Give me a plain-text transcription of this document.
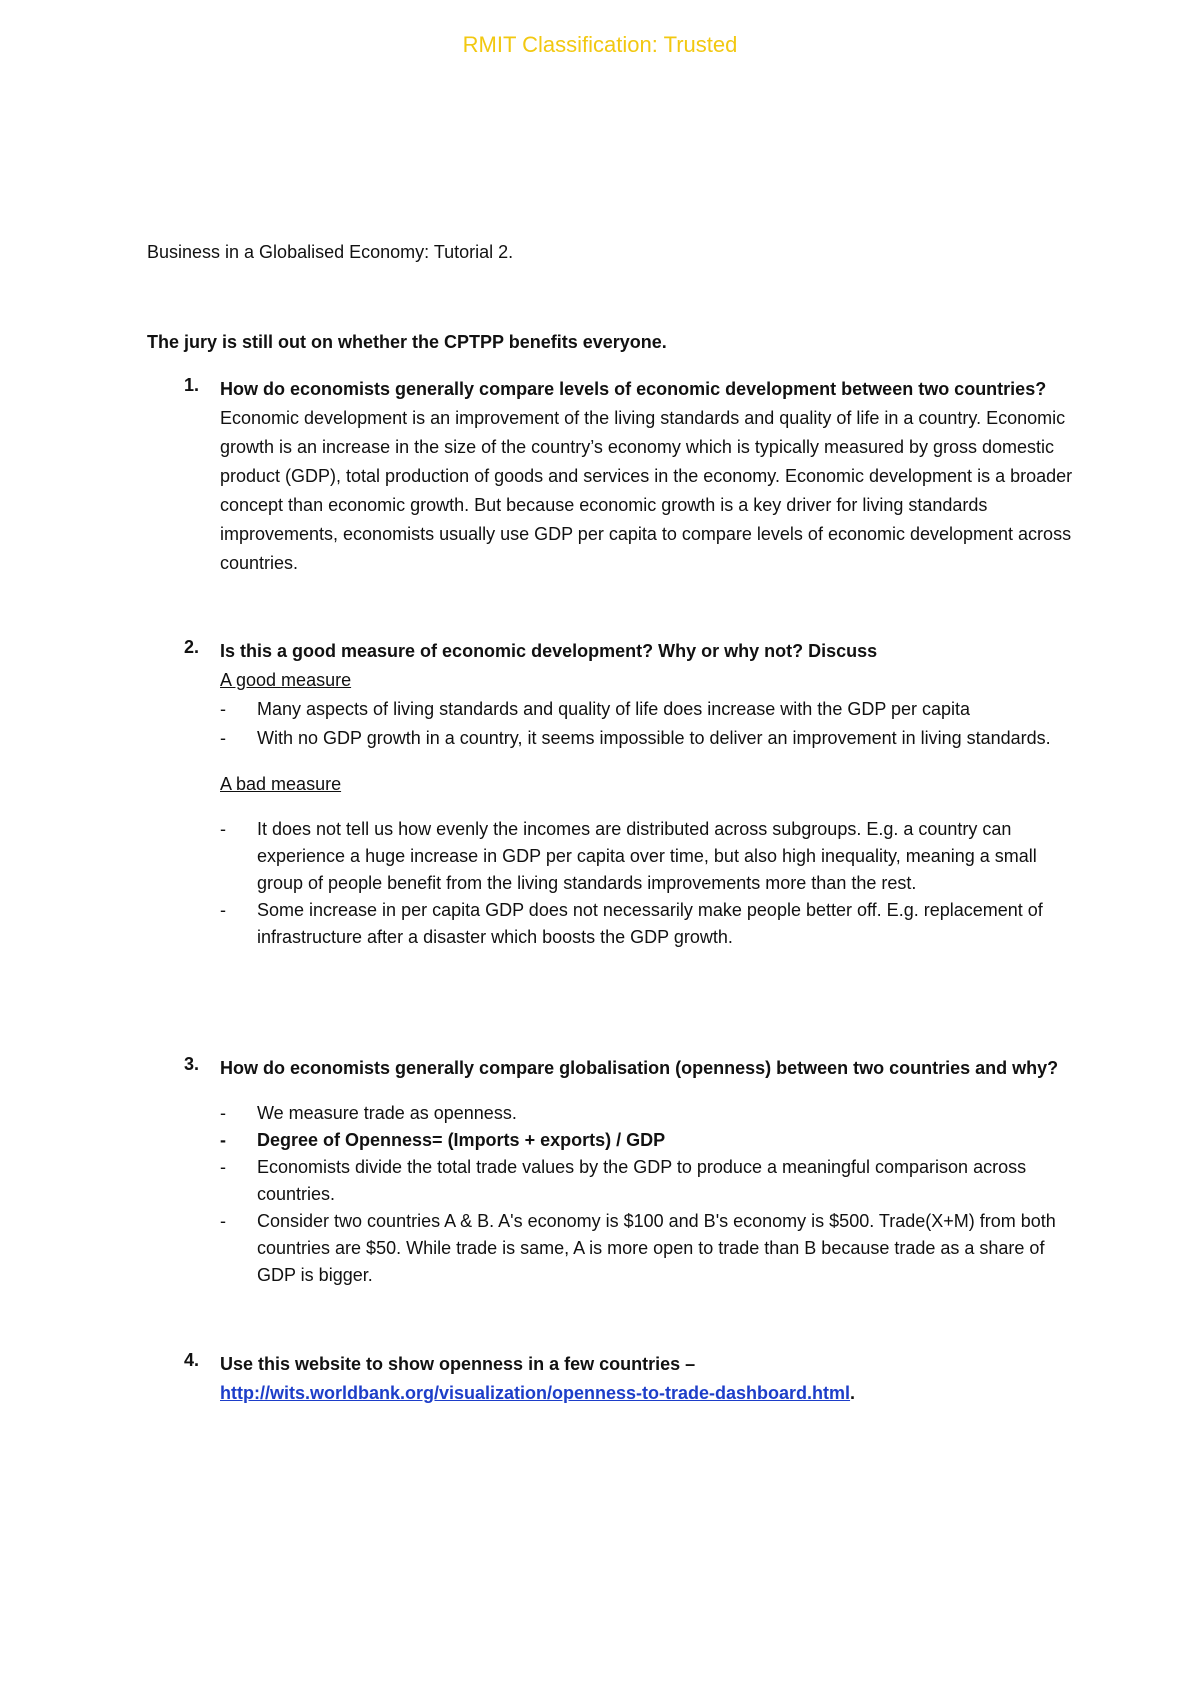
RMIT Classification: Trusted
Business in a Globalised Economy: Tutorial 2.
The jury is still out on whether the CPTPP benefits everyone.
1. How do economists generally compare levels of economic development between two countries?
Economic development is an improvement of the living standards and quality of life in a country. Economic growth is an increase in the size of the country’s economy which is typically measured by gross domestic product (GDP), total production of goods and services in the economy. Economic development is a broader concept than economic growth. But because economic growth is a key driver for living standards improvements, economists usually use GDP per capita to compare levels of economic development across countries.
2. Is this a good measure of economic development? Why or why not? Discuss
A good measure
- Many aspects of living standards and quality of life does increase with the GDP per capita
- With no GDP growth in a country, it seems impossible to deliver an improvement in living standards.
A bad measure
- It does not tell us how evenly the incomes are distributed across subgroups. E.g. a country can experience a huge increase in GDP per capita over time, but also high inequality, meaning a small group of people benefit from the living standards improvements more than the rest.
- Some increase in per capita GDP does not necessarily make people better off. E.g. replacement of infrastructure after a disaster which boosts the GDP growth.
3. How do economists generally compare globalisation (openness) between two countries and why?
- We measure trade as openness.
- Degree of Openness= (Imports + exports) / GDP
- Economists divide the total trade values by the GDP to produce a meaningful comparison across countries.
- Consider two countries A & B. A's economy is $100 and B's economy is $500. Trade(X+M) from both countries are $50. While trade is same, A is more open to trade than B because trade as a share of GDP is bigger.
4. Use this website to show openness in a few countries –
http://wits.worldbank.org/visualization/openness-to-trade-dashboard.html.
